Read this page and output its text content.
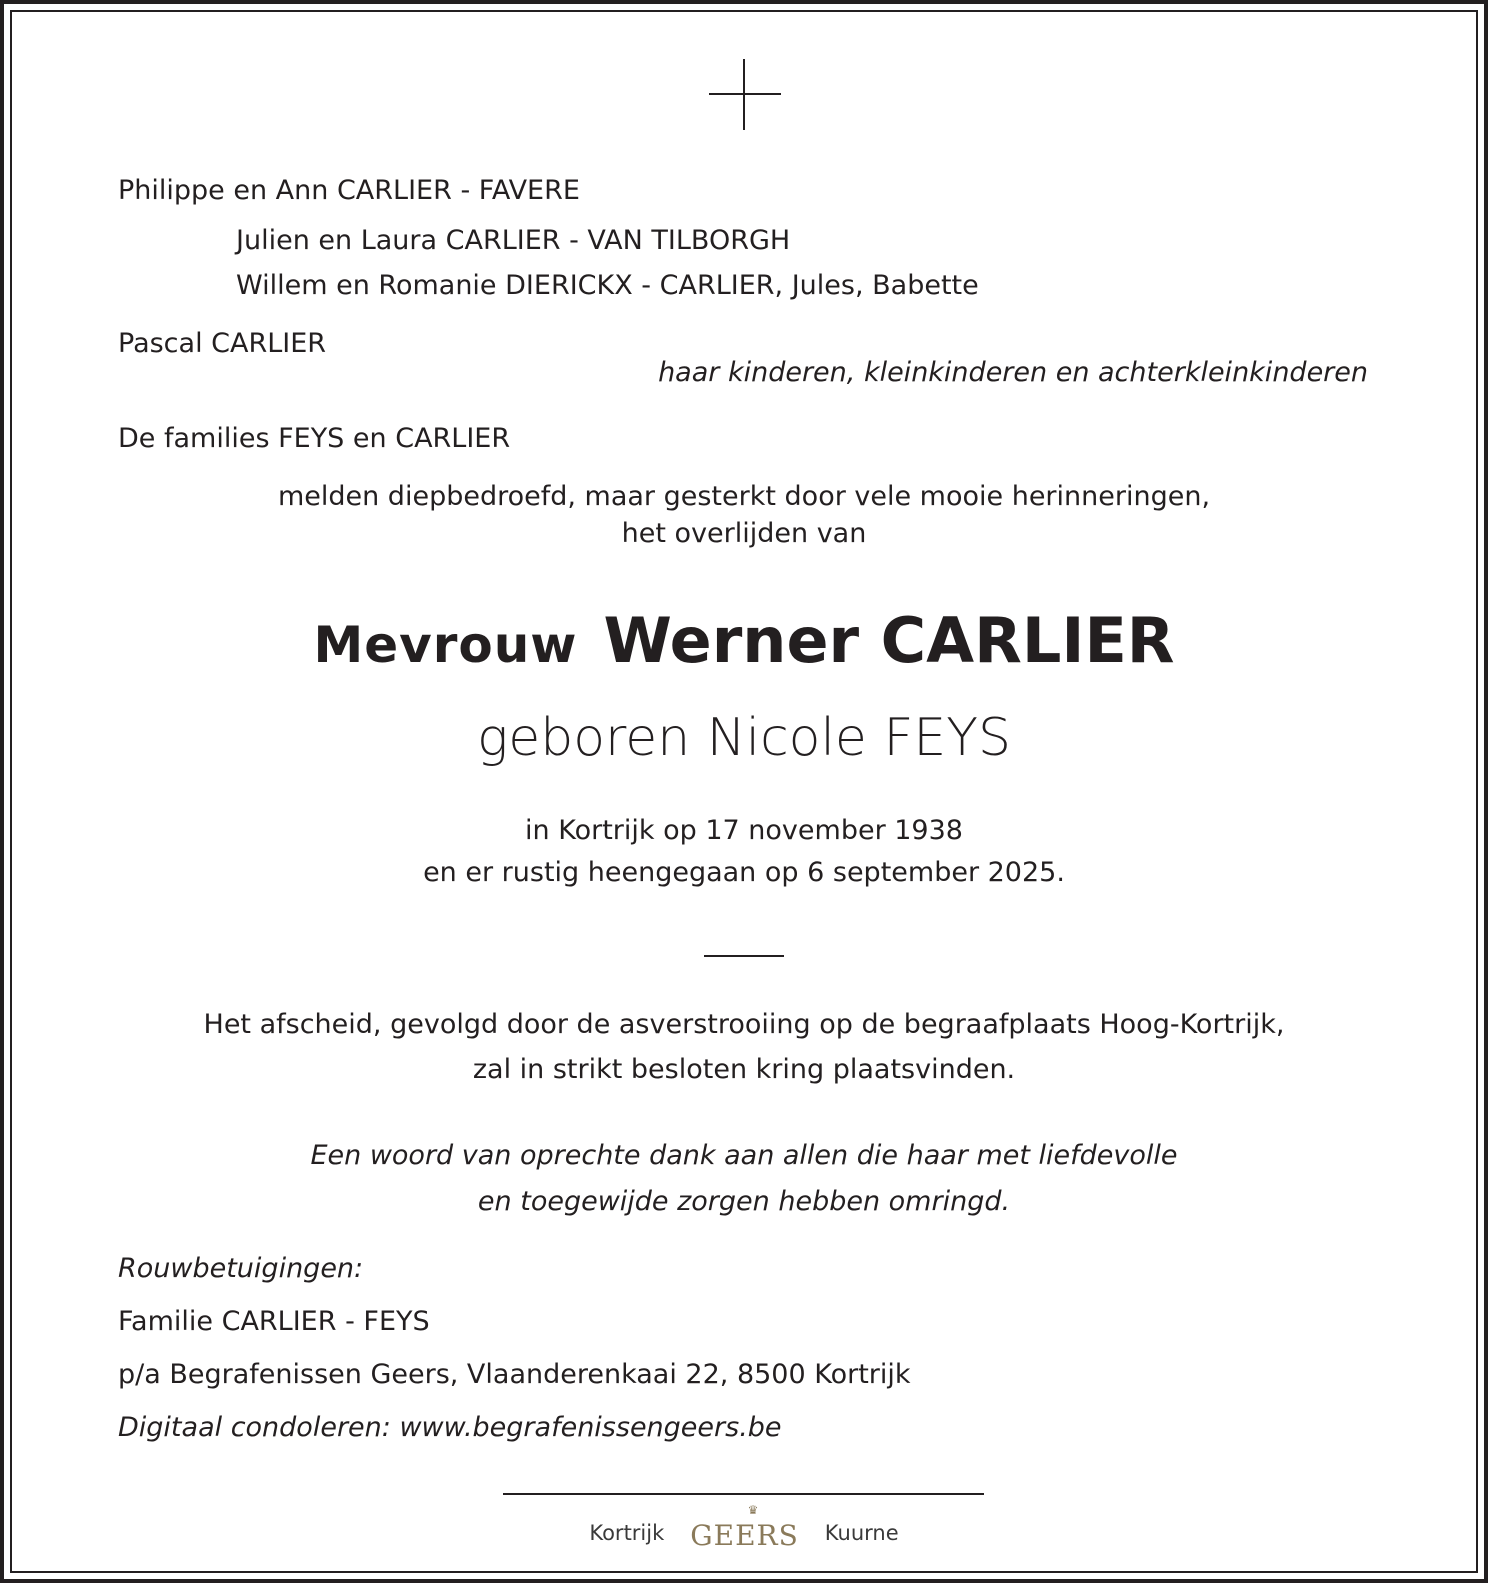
Philippe en Ann CARLIER - FAVERE
Julien en Laura CARLIER - VAN TILBORGH
Willem en Romanie DIERICKX - CARLIER, Jules, Babette
Pascal CARLIER
haar kinderen, kleinkinderen en achterkleinkinderen
De families FEYS en CARLIER
melden diepbedroefd, maar gesterkt door vele mooie herinneringen,
het overlijden van
Mevrouw Werner CARLIER
geboren Nicole FEYS
in Kortrijk op 17 november 1938
en er rustig heengegaan op 6 september 2025.
Het afscheid, gevolgd door de asverstrooiing op de begraafplaats Hoog-Kortrijk,
zal in strikt besloten kring plaatsvinden.
Een woord van oprechte dank aan allen die haar met liefdevolle
en toegewijde zorgen hebben omringd.
Rouwbetuigingen:
Familie CARLIER - FEYS
p/a Begrafenissen Geers, Vlaanderenkaai 22, 8500 Kortrijk
Digitaal condoleren: www.begrafenissengeers.be
Kortrijk
♛
GEERS Kuurne
